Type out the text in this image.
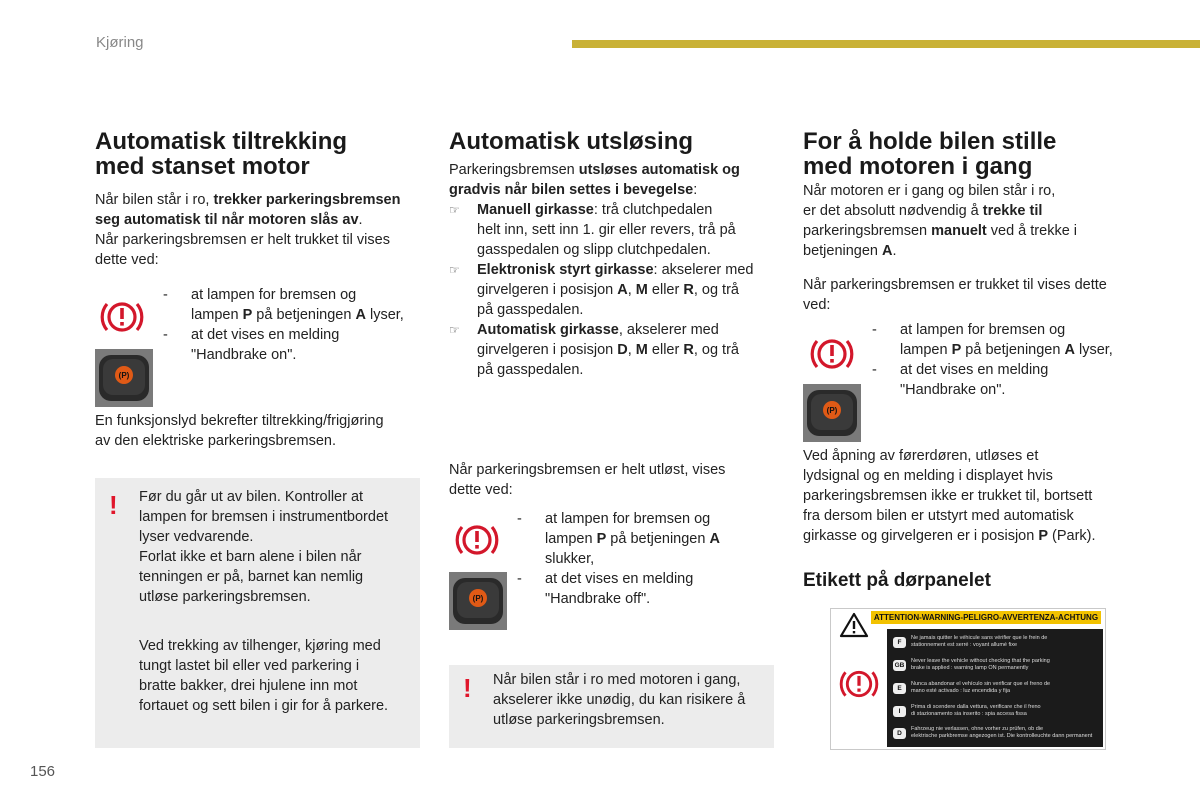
Kjøring

Automatisk tiltrekking

med stanset motor

Når bilen står i ro, trekker parkeringsbremsen

seg automatisk til når motoren slås av.

Når parkeringsbremsen er helt trukket til vises

dette ved:

(P)
- at lampen for bremsen og
lampen P på betjeningen A lyser,
- at det vises en melding
"Handbrake on".

En funksjonslyd bekrefter tiltrekking/frigjøring

av den elektriske parkeringsbremsen.

! Før du går ut av bilen. Kontroller at
lampen for bremsen i instrumentbordet
lyser vedvarende.
Forlat ikke et barn alene i bilen når
tenningen er på, barnet kan nemlig
utløse parkeringsbremsen.
Ved trekking av tilhenger, kjøring med
tungt lastet bil eller ved parkering i
bratte bakker, drei hjulene inn mot
fortauet og sett bilen i gir for å parkere.

Automatisk utsløsing

Parkeringsbremsen utsløses automatisk og

gradvis når bilen settes i bevegelse:

☞ Manuell girkasse: trå clutchpedalen
helt inn, sett inn 1. gir eller revers, trå på
gasspedalen og slipp clutchpedalen.
☞ Elektronisk styrt girkasse: akselerer med
girvelgeren i posisjon A, M eller R, og trå
på gasspedalen.
☞ Automatisk girkasse, akselerer med
girvelgeren i posisjon D, M eller R, og trå
på gasspedalen.

Når parkeringsbremsen er helt utløst, vises

dette ved:

(P)
- at lampen for bremsen og
lampen P på betjeningen A
slukker,
- at det vises en melding
"Handbrake off".
! Når bilen står i ro med motoren i gang,
akselerer ikke unødig, du kan risikere å
utløse parkeringsbremsen.

For å holde bilen stille

med motoren i gang

Når motoren er i gang og bilen står i ro,

er det absolutt nødvendig å trekke til

parkeringsbremsen manuelt ved å trekke i

betjeningen A.

Når parkeringsbremsen er trukket til vises dette

ved:

(P)
- at lampen for bremsen og
lampen P på betjeningen A lyser,
- at det vises en melding
"Handbrake on".

Ved åpning av førerdøren, utløses et

lydsignal og en melding i displayet hvis

parkeringsbremsen ikke er trukket til, bortsett

fra dersom bilen er utstyrt med automatisk

girkasse og girvelgeren er i posisjon P (Park).

Etikett på dørpanelet

ATTENTION-WARNING-PELIGRO-AVVERTENZA-ACHTUNG
F
Ne jamais quitter le véhicule sans vérifier que le frein de
stationnement est serré : voyant allumé fixe
GB
Never leave the vehicle without checking that the parking
brake is applied : warning lamp ON permanently
E
Nunca abandonar el vehículo sin verificar que el freno de
mano esté activado : luz encendida y fija
I
Prima di scendere dalla vettura, verificare che il freno
di stazionamento sia inserito : spia accesa fissa
D
Fahrzeug nie verlassen, ohne vorher zu prüfen, ob die
elektrische parkbremse angezogen ist. Die kontrolleuchte dann permanent
156
